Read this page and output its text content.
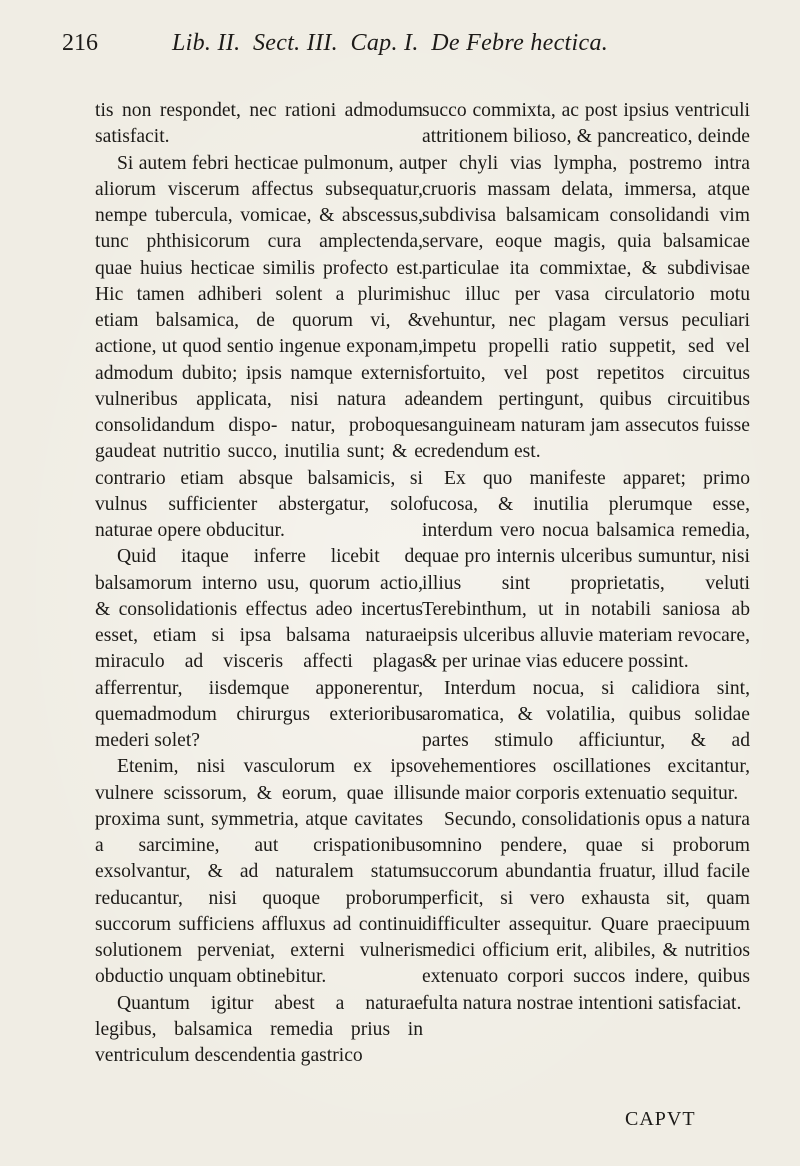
216	Lib. II.  Sect. III.  Cap. I.  De Febre hectica.

tis non respondet, nec rationi admodum satisfacit.

Si autem febri hecticae pulmonum, aut aliorum viscerum affectus subsequatur, nempe tubercula, vomicae, & abscessus, tunc phthisicorum cura amplectenda, quae huius hecticae similis profecto est. Hic tamen adhiberi solent a plurimis etiam balsamica, de quorum vi, & actione, ut quod sentio ingenue exponam, admodum dubito; ipsis namque externis vulneribus applicata, nisi natura ad consolidandum dispo- natur, proboque gaudeat nutritio succo, inutilia sunt; & e contrario etiam absque balsamicis, si vulnus sufficienter abstergatur, solo naturae opere obducitur.

Quid itaque inferre licebit de balsamorum interno usu, quorum actio, & consolidationis effectus adeo incertus esset, etiam si ipsa balsama naturae miraculo ad visceris affecti plagas afferrentur, iisdemque apponerentur, quemadmodum chirurgus exterioribus mederi solet?

Etenim, nisi vasculorum ex ipso vulnere scissorum, & eorum, quae illis proxima sunt, symmetria, atque cavitates a sarcimine, aut crispationibus exsolvantur, & ad naturalem statum reducantur, nisi quoque proborum succorum sufficiens affluxus ad continui solutionem perveniat, externi vulneris obductio unquam obtinebitur.

Quantum igitur abest a naturae legibus, balsamica remedia prius in ventriculum descendentia gastrico

succo commixta, ac post ipsius ventriculi attritionem bilioso, & pancreatico, deinde per chyli vias lympha, postremo intra cruoris massam delata, immersa, atque subdivisa balsamicam consolidandi vim servare, eoque magis, quia balsamicae particulae ita commixtae, & subdivisae huc illuc per vasa circulatorio motu vehuntur, nec plagam versus peculiari impetu propelli ratio suppetit, sed vel fortuito, vel post repetitos circuitus eandem pertingunt, quibus circuitibus sanguineam naturam jam assecutos fuisse credendum est.

Ex quo manifeste apparet; primo fucosa, & inutilia plerumque esse, interdum vero nocua balsamica remedia, quae pro internis ulceribus sumuntur, nisi illius sint proprietatis, veluti Terebinthum, ut in notabili saniosa ab ipsis ulceribus alluvie materiam revocare, & per urinae vias educere possint.

Interdum nocua, si calidiora sint, aromatica, & volatilia, quibus solidae partes stimulo afficiuntur, & ad vehementiores oscillationes excitantur, unde maior corporis extenuatio sequitur.

Secundo, consolidationis opus a natura omnino pendere, quae si proborum succorum abundantia fruatur, illud facile perficit, si vero exhausta sit, quam difficulter assequitur. Quare praecipuum medici officium erit, alibiles, & nutritios extenuato corpori succos indere, quibus fulta natura nostrae intentioni satisfaciat.

CAPVT
